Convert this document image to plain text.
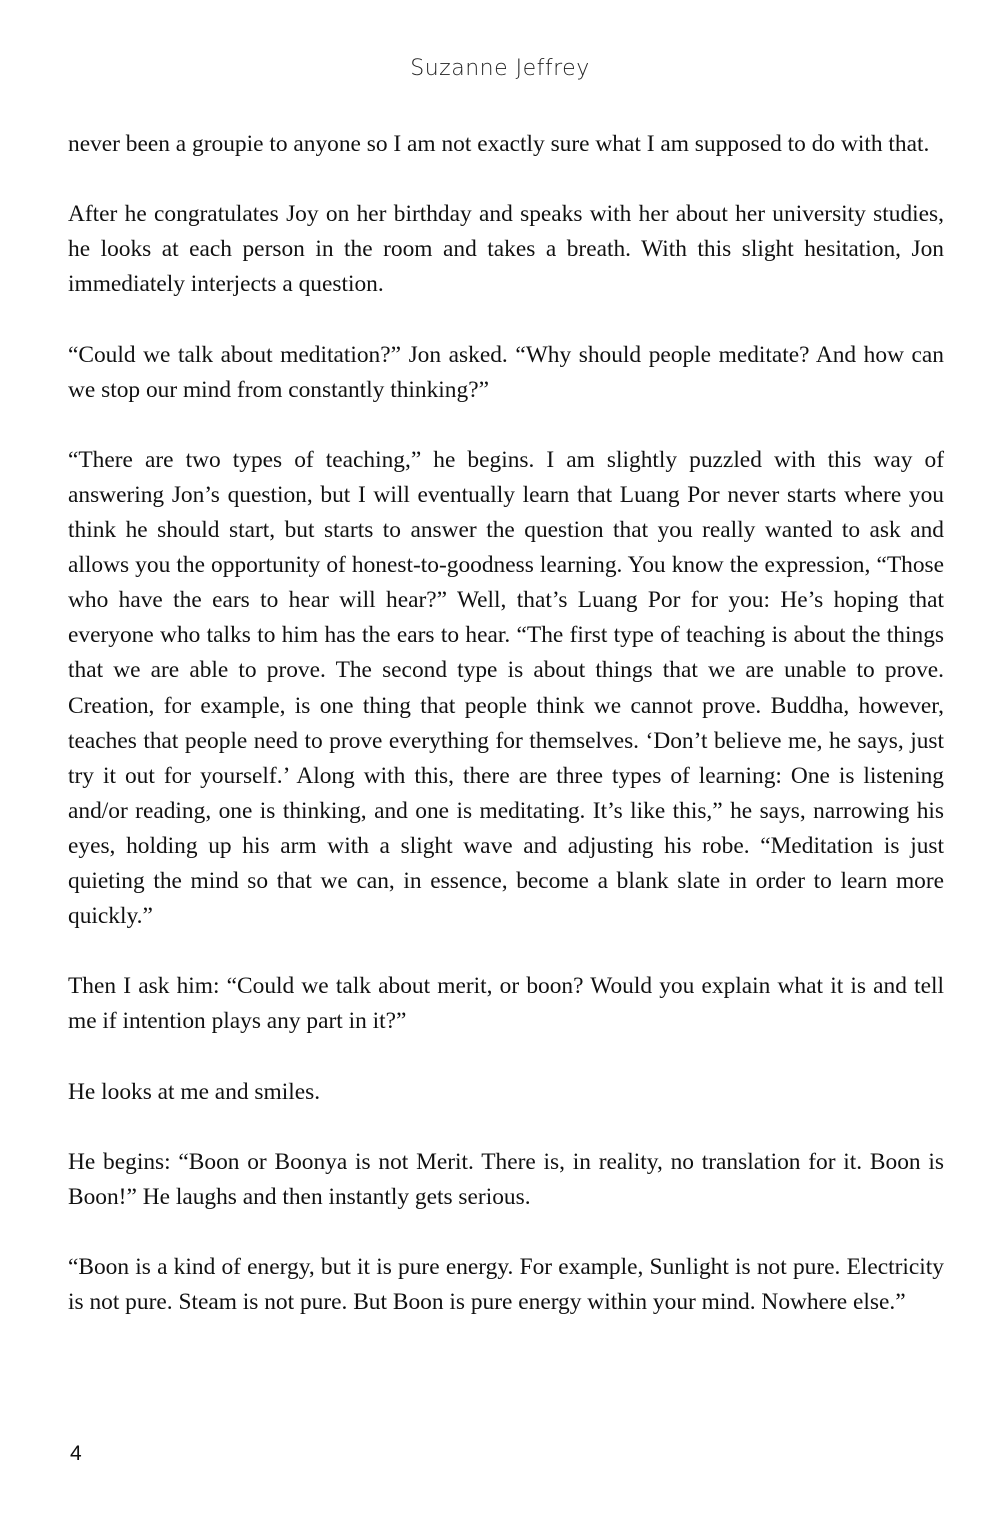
Suzanne Jeffrey

never been a groupie to anyone so I am not exactly sure what I am supposed to do with that.

After he congratulates Joy on her birthday and speaks with her about her university studies, he looks at each person in the room and takes a breath. With this slight hesitation, Jon immediately interjects a question.

“Could we talk about meditation?” Jon asked. “Why should people meditate? And how can we stop our mind from constantly thinking?”

“There are two types of teaching,” he begins. I am slightly puzzled with this way of answering Jon’s question, but I will eventually learn that Luang Por never starts where you think he should start, but starts to answer the question that you really wanted to ask and allows you the opportunity of honest-to-goodness learning. You know the expression, “Those who have the ears to hear will hear?” Well, that’s Luang Por for you: He’s hoping that everyone who talks to him has the ears to hear. “The first type of teaching is about the things that we are able to prove. The second type is about things that we are unable to prove. Creation, for example, is one thing that people think we cannot prove. Buddha, however, teaches that people need to prove everything for themselves. ‘Don’t believe me, he says, just try it out for yourself.’ Along with this, there are three types of learning: One is listening and/or reading, one is thinking, and one is meditating. It’s like this,” he says, narrowing his eyes, holding up his arm with a slight wave and adjusting his robe. “Meditation is just quieting the mind so that we can, in essence, become a blank slate in order to learn more quickly.”

Then I ask him: “Could we talk about merit, or boon? Would you explain what it is and tell me if intention plays any part in it?”

He looks at me and smiles.

He begins: “Boon or Boonya is not Merit. There is, in reality, no translation for it. Boon is Boon!” He laughs and then instantly gets serious.

“Boon is a kind of energy, but it is pure energy. For example, Sunlight is not pure. Electricity is not pure. Steam is not pure. But Boon is pure energy within your mind. Nowhere else.”

4
